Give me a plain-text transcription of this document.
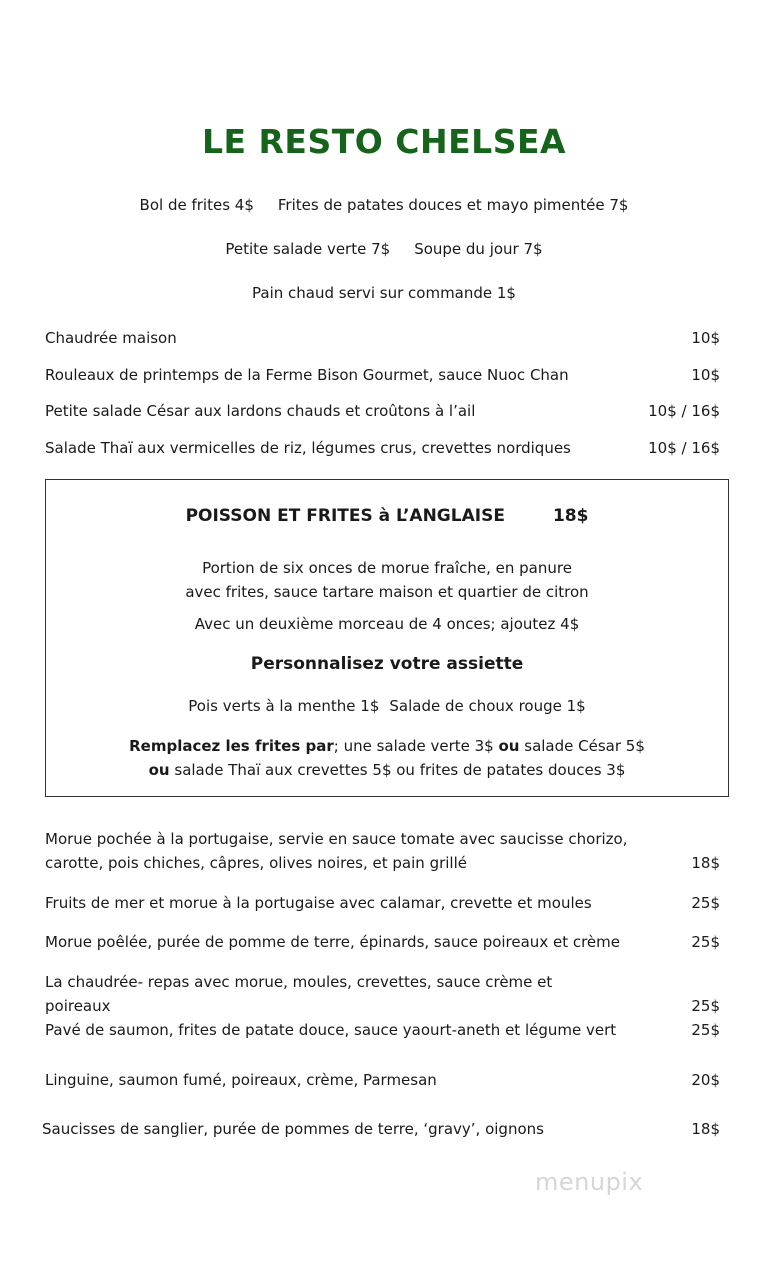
LE RESTO CHELSEA
Bol de frites 4$ Frites de patates douces et mayo pimentée 7$
Petite salade verte 7$ Soupe du jour 7$
Pain chaud servi sur commande 1$
Chaudrée maison	10$
Rouleaux de printemps de la Ferme Bison Gourmet, sauce Nuoc Chan	10$
Petite salade César aux lardons chauds et croûtons à l’ail	10$ / 16$
Salade Thaï aux vermicelles de riz, légumes crus, crevettes nordiques	10$ / 16$
POISSON ET FRITES à L’ANGLAISE	18$
Portion de six onces de morue fraîche, en panure
avec frites, sauce tartare maison et quartier de citron
Avec un deuxième morceau de 4 onces; ajoutez 4$
Personnalisez votre assiette
Pois verts à la menthe 1$ Salade de choux rouge 1$
Remplacez les frites par; une salade verte 3$ ou salade César 5$
ou salade Thaï aux crevettes 5$ ou frites de patates douces 3$
Morue pochée à la portugaise, servie en sauce tomate avec saucisse chorizo,
carotte, pois chiches, câpres, olives noires, et pain grillé	18$
Fruits de mer et morue à la portugaise avec calamar, crevette et moules	25$
Morue poêlée, purée de pomme de terre, épinards, sauce poireaux et crème	25$
La chaudrée- repas avec morue, moules, crevettes, sauce crème et poireaux	25$
Pavé de saumon, frites de patate douce, sauce yaourt-aneth et légume vert	25$
Linguine, saumon fumé, poireaux, crème, Parmesan	20$
Saucisses de sanglier, purée de pommes de terre, ‘gravy’, oignons	18$
menupix
